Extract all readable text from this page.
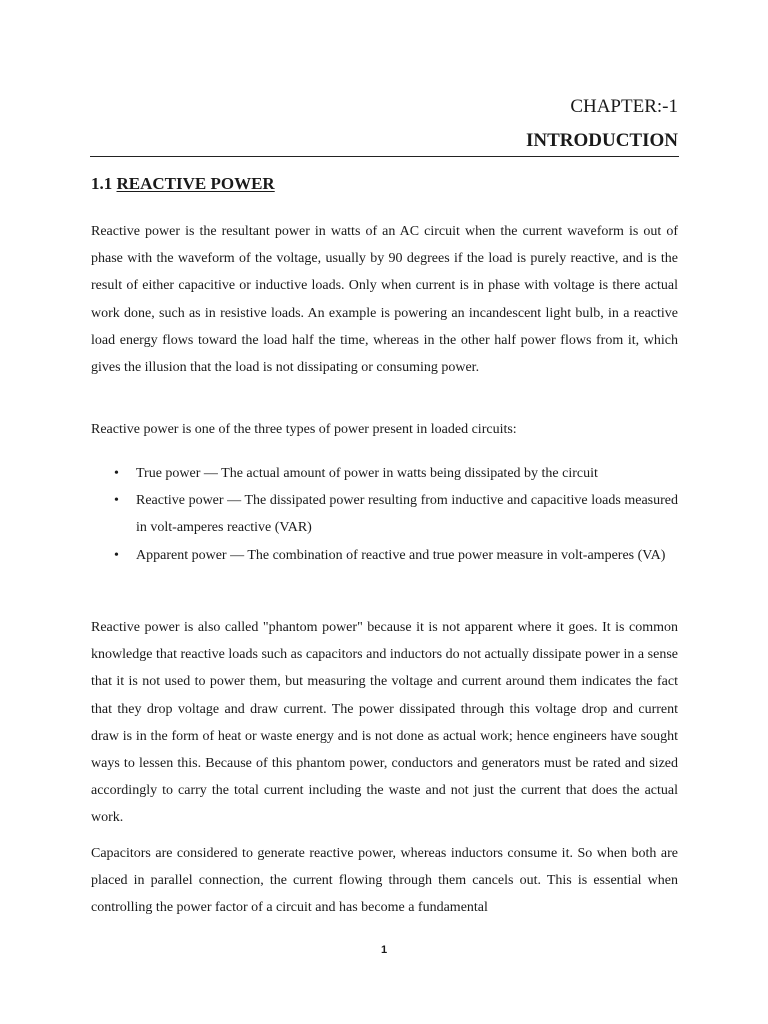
CHAPTER:-1

INTRODUCTION
1.1 REACTIVE POWER

Reactive power is the resultant power in watts of an AC circuit when the current waveform is out of phase with the waveform of the voltage, usually by 90 degrees if the load is purely reactive, and is the result of either capacitive or inductive loads. Only when current is in phase with voltage is there actual work done, such as in resistive loads. An example is powering an incandescent light bulb, in a reactive load energy flows toward the load half the time, whereas in the other half power flows from it, which gives the illusion that the load is not dissipating or consuming power.

Reactive power is one of the three types of power present in loaded circuits:

• True power — The actual amount of power in watts being dissipated by the circuit
• Reactive power — The dissipated power resulting from inductive and capacitive loads measured in volt-amperes reactive (VAR)
• Apparent power — The combination of reactive and true power measure in volt-amperes (VA)

Reactive power is also called "phantom power" because it is not apparent where it goes. It is common knowledge that reactive loads such as capacitors and inductors do not actually dissipate power in a sense that it is not used to power them, but measuring the voltage and current around them indicates the fact that they drop voltage and draw current. The power dissipated through this voltage drop and current draw is in the form of heat or waste energy and is not done as actual work; hence engineers have sought ways to lessen this. Because of this phantom power, conductors and generators must be rated and sized accordingly to carry the total current including the waste and not just the current that does the actual work.

Capacitors are considered to generate reactive power, whereas inductors consume it. So when both are placed in parallel connection, the current flowing through them cancels out. This is essential when controlling the power factor of a circuit and has become a fundamental

1
